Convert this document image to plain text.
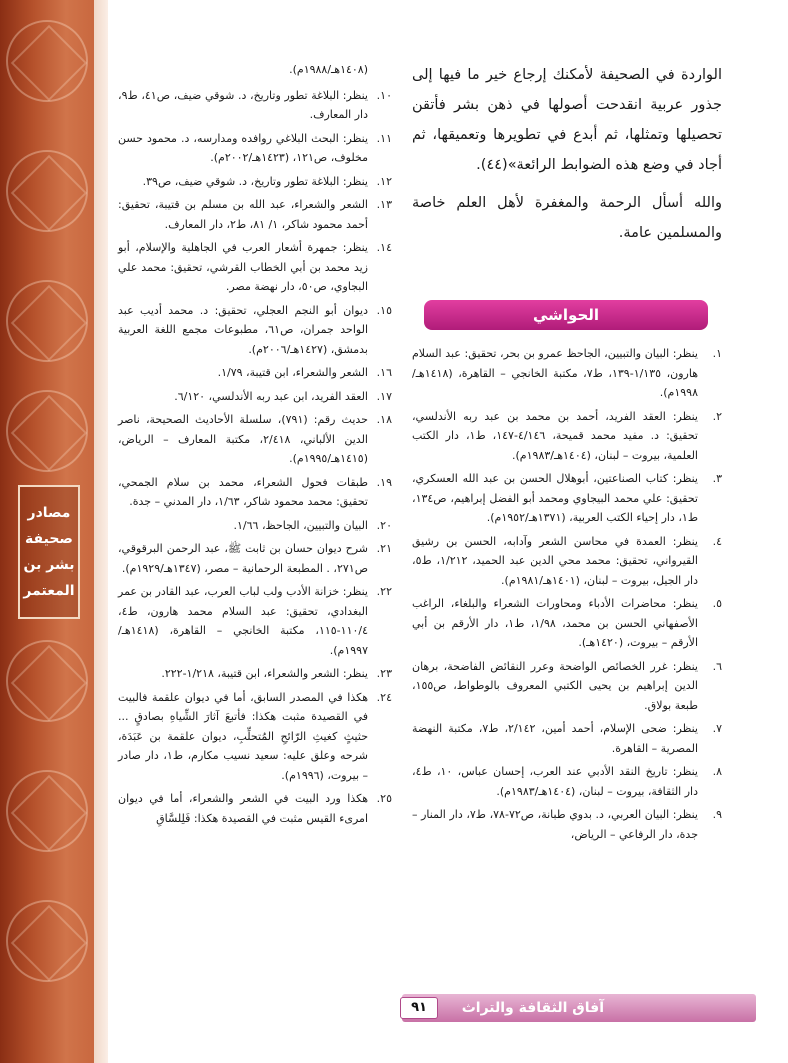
مصادر صحيفة بشر بن المعتمر

الواردة في الصحيفة لأمكنك إرجاع خير ما فيها إلى جذور عربية انقدحت أصولها في ذهن بشر فأتقن تحصيلها وتمثلها، ثم أبدع في تطويرها وتعميقها، ثم أجاد في وضع هذه الضوابط الرائعة»(٤٤).

والله أسأل الرحمة والمغفرة لأهل العلم خاصة والمسلمين عامة.

الحواشي
١.
ينظر: البيان والتبيين، الجاحظ عمرو بن بحر، تحقيق: عبد السلام هارون، ١/١٣٥-١٣٩، ط٧، مكتبة الخانجي – القاهرة، (١٤١٨هـ/١٩٩٨م).
٢.
ينظر: العقد الفريد، أحمد بن محمد بن عبد ربه الأندلسي، تحقيق: د. مفيد محمد قميحة، ٤/١٤٦-١٤٧، ط١، دار الكتب العلمية، بيروت – لبنان، (١٤٠٤هـ/١٩٨٣م).
٣.
ينظر: كتاب الصناعتين، أبوهلال الحسن بن عبد الله العسكري، تحقيق: علي محمد البيجاوي ومحمد أبو الفضل إبراهيم، ص١٣٤، ط١، دار إحياء الكتب العربية، (١٣٧١هـ/١٩٥٢م).
٤.
ينظر: العمدة في محاسن الشعر وآدابه، الحسن بن رشيق القيرواني، تحقيق: محمد محي الدين عبد الحميد، ١/٢١٢، ط٥، دار الجيل، بيروت – لبنان، (١٤٠١هـ/١٩٨١م).
٥.
ينظر: محاضرات الأدباء ومحاورات الشعراء والبلغاء، الراغب الأصفهاني الحسن بن محمد، ١/٩٨، ط١، دار الأرقم بن أبي الأرقم – بيروت، (١٤٢٠هـ).
٦.
ينظر: غرر الخصائص الواضحة وعرر النقائض الفاضحة، برهان الدين إبراهيم بن يحيى الكتبي المعروف بالوطواط، ص١٥٥، طبعة بولاق.
٧.
ينظر: ضحى الإسلام، أحمد أمين، ٢/١٤٢، ط٧، مكتبة النهضة المصرية – القاهرة.
٨.
ينظر: تاريخ النقد الأدبي عند العرب، إحسان عباس، ١٠، ط٤، دار الثقافة، بيروت – لبنان، (١٤٠٤هـ/١٩٨٣م).
٩.
ينظر: البيان العربي، د. بدوي طبانة، ص٧٢-٧٨، ط٧، دار المنار – جدة، دار الرفاعي – الرياض،
(١٤٠٨هـ/١٩٨٨م).
١٠.
ينظر: البلاغة تطور وتاريخ، د. شوقي ضيف، ص٤١، ط٩، دار المعارف.
١١.
ينظر: البحث البلاغي روافده ومدارسه، د. محمود حسن مخلوف، ص١٢١، (١٤٢٣هـ/٢٠٠٢م).
١٢.
ينظر: البلاغة تطور وتاريخ، د. شوقي ضيف، ص٣٩.
١٣.
الشعر والشعراء، عبد الله بن مسلم بن قتيبة، تحقيق: أحمد محمود شاكر، ١/ ٨١، ط٢، دار المعارف.
١٤.
ينظر: جمهرة أشعار العرب في الجاهلية والإسلام، أبو زيد محمد بن أبي الخطاب القرشي، تحقيق: محمد علي البجاوي، ص٥٠، دار نهضة مصر.
١٥.
ديوان أبو النجم العجلي، تحقيق: د. محمد أديب عبد الواحد جمران، ص٦١، مطبوعات مجمع اللغة العربية بدمشق، (١٤٢٧هـ/٢٠٠٦م).
١٦.
الشعر والشعراء، ابن قتيبة، ١/٧٩.
١٧.
العقد الفريد، ابن عبد ربه الأندلسي، ٦/١٢٠.
١٨.
حديث رقم: (٧٩١)، سلسلة الأحاديث الصحيحة، ناصر الدين الألباني، ٢/٤١٨، مكتبة المعارف – الرياض، (١٤١٥هـ/١٩٩٥م).
١٩.
طبقات فحول الشعراء، محمد بن سلام الجمحي، تحقيق: محمد محمود شاكر، ١/٦٣، دار المدني – جدة.
٢٠.
البيان والتبيين، الجاحظ، ١/٦٦.
٢١.
شرح ديوان حسان بن ثابت ﷺ، عبد الرحمن البرقوقي، ص٢٧١، . المطبعة الرحمانية – مصر، (١٣٤٧هـ/١٩٢٩م).
٢٢.
ينظر: خزانة الأدب ولب لباب العرب، عبد القادر بن عمر البغدادي، تحقيق: عبد السلام محمد هارون، ط٤، ١١٠/٤-١١٥، مكتبة الخانجي – القاهرة، (١٤١٨هـ/١٩٩٧م).
٢٣.
ينظر: الشعر والشعراء، ابن قتيبة، ١/٢١٨-٢٢٢.
٢٤.
هكذا في المصدر السابق، أما في ديوان علقمة فالبيت في القصيدة مثبت هكذا: فأتبعَ آثارَ الشِّياهِ بصادقٍ ... حثيثٍ كغيثِ الرّائحِ المُتحلِّبِ، ديوان علقمة بن عَبَدَة، شرحه وعلق عليه: سعيد نسيب مكارم، ط١، دار صادر – بيروت، (١٩٩٦م).
٢٥.
هكذا ورد البيت في الشعر والشعراء، أما في ديوان امرىء القيس مثبت في القصيدة هكذا: فَلِلسَّاقِ
آفاق الثقافة والتراث
٩١
